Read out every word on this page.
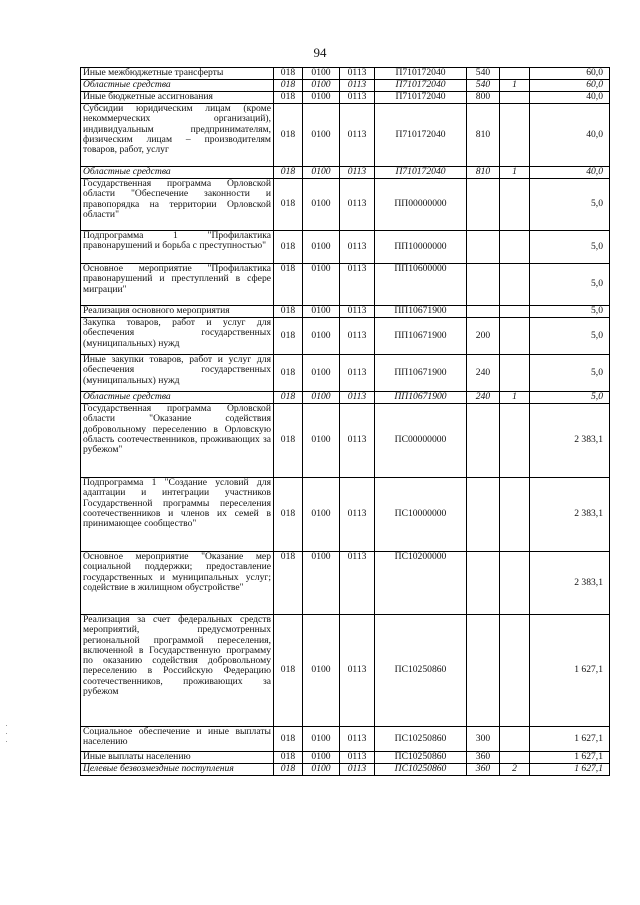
94
Иные межбюджетные трансферты	018	0100	0113	П710172040	540		60,0
Областные средства	018	0100	0113	П710172040	540	1	60,0
Иные бюджетные ассигнования	018	0100	0113	П710172040	800		40,0
Субсидии юридическим лицам (кроме некоммерческих организаций), индивидуальным предпринимателям, физическим лицам – производителям товаров, работ, услуг	018	0100	0113	П710172040	810		40,0
Областные средства	018	0100	0113	П710172040	810	1	40,0
Государственная программа Орловской области "Обеспечение законности и правопорядка на территории Орловской области"	018	0100	0113	ПП00000000			5,0
Подпрограмма 1 "Профилактика правонарушений и борьба с преступностью"	018	0100	0113	ПП10000000			5,0
Основное мероприятие "Профилактика правонарушений и преступлений в сфере миграции"	018	0100	0113	ПП10600000			5,0
Реализация основного мероприятия	018	0100	0113	ПП10671900			5,0
Закупка товаров, работ и услуг для обеспечения государственных (муниципальных) нужд	018	0100	0113	ПП10671900	200		5,0
Иные закупки товаров, работ и услуг для обеспечения государственных (муниципальных) нужд	018	0100	0113	ПП10671900	240		5,0
Областные средства	018	0100	0113	ПП10671900	240	1	5,0
Государственная программа Орловской области "Оказание содействия добровольному переселению в Орловскую область соотечественников, проживающих за рубежом"	018	0100	0113	ПС00000000			2 383,1
Подпрограмма 1 "Создание условий для адаптации и интеграции участников Государственной программы переселения соотечественников и членов их семей в принимающее сообщество"	018	0100	0113	ПС10000000			2 383,1
Основное мероприятие "Оказание мер социальной поддержки; предоставление государственных и муниципальных услуг; содействие в жилищном обустройстве"	018	0100	0113	ПС10200000			2 383,1
Реализация за счет федеральных средств мероприятий, предусмотренных региональной программой переселения, включенной в Государственную программу по оказанию содействия добровольному переселению в Российскую Федерацию соотечественников, проживающих за рубежом	018	0100	0113	ПС10250860			1 627,1
Социальное обеспечение и иные выплаты населению	018	0100	0113	ПС10250860	300		1 627,1
Иные выплаты населению	018	0100	0113	ПС10250860	360		1 627,1
Целевые безвозмездные поступления	018	0100	0113	ПС10250860	360	2	1 627,1
